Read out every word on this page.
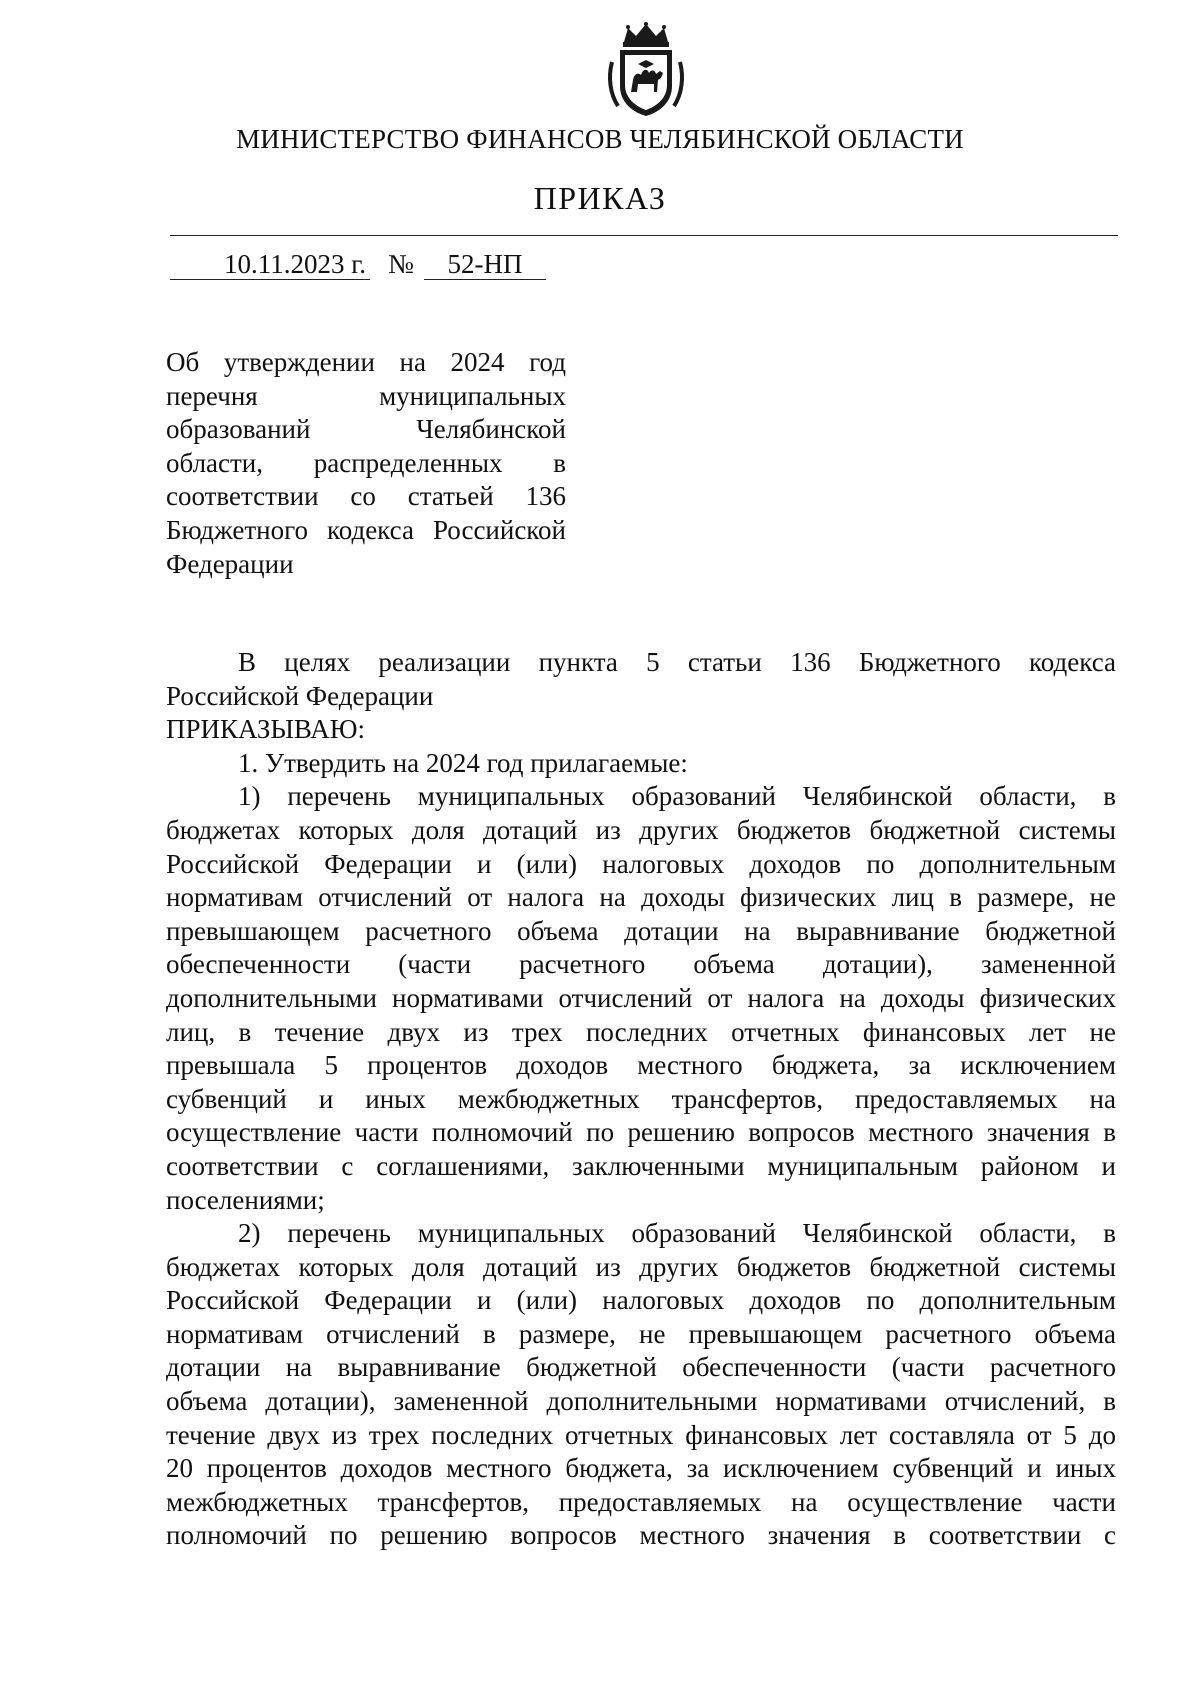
МИНИСТЕРСТВО ФИНАНСОВ ЧЕЛЯБИНСКОЙ ОБЛАСТИ
ПРИКАЗ
10.11.2023 г. №	52-НП
Об утверждении на 2024 год
перечня муниципальных
образований Челябинской
области, распределенных в
соответствии со статьей 136
Бюджетного кодекса Российской
Федерации
В целях реализации пункта 5 статьи 136 Бюджетного кодекса
Российской Федерации
ПРИКАЗЫВАЮ:
1. Утвердить на 2024 год прилагаемые:
1) перечень муниципальных образований Челябинской области, в
бюджетах которых доля дотаций из других бюджетов бюджетной системы
Российской Федерации и (или) налоговых доходов по дополнительным
нормативам отчислений от налога на доходы физических лиц в размере, не
превышающем расчетного объема дотации на выравнивание бюджетной
обеспеченности (части расчетного объема дотации), замененной
дополнительными нормативами отчислений от налога на доходы физических
лиц, в течение двух из трех последних отчетных финансовых лет не
превышала 5 процентов доходов местного бюджета, за исключением
субвенций и иных межбюджетных трансфертов, предоставляемых на
осуществление части полномочий по решению вопросов местного значения в
соответствии с соглашениями, заключенными муниципальным районом и
поселениями;
2) перечень муниципальных образований Челябинской области, в
бюджетах которых доля дотаций из других бюджетов бюджетной системы
Российской Федерации и (или) налоговых доходов по дополнительным
нормативам отчислений в размере, не превышающем расчетного объема
дотации на выравнивание бюджетной обеспеченности (части расчетного
объема дотации), замененной дополнительными нормативами отчислений, в
течение двух из трех последних отчетных финансовых лет составляла от 5 до
20 процентов доходов местного бюджета, за исключением субвенций и иных
межбюджетных трансфертов, предоставляемых на осуществление части
полномочий по решению вопросов местного значения в соответствии с
